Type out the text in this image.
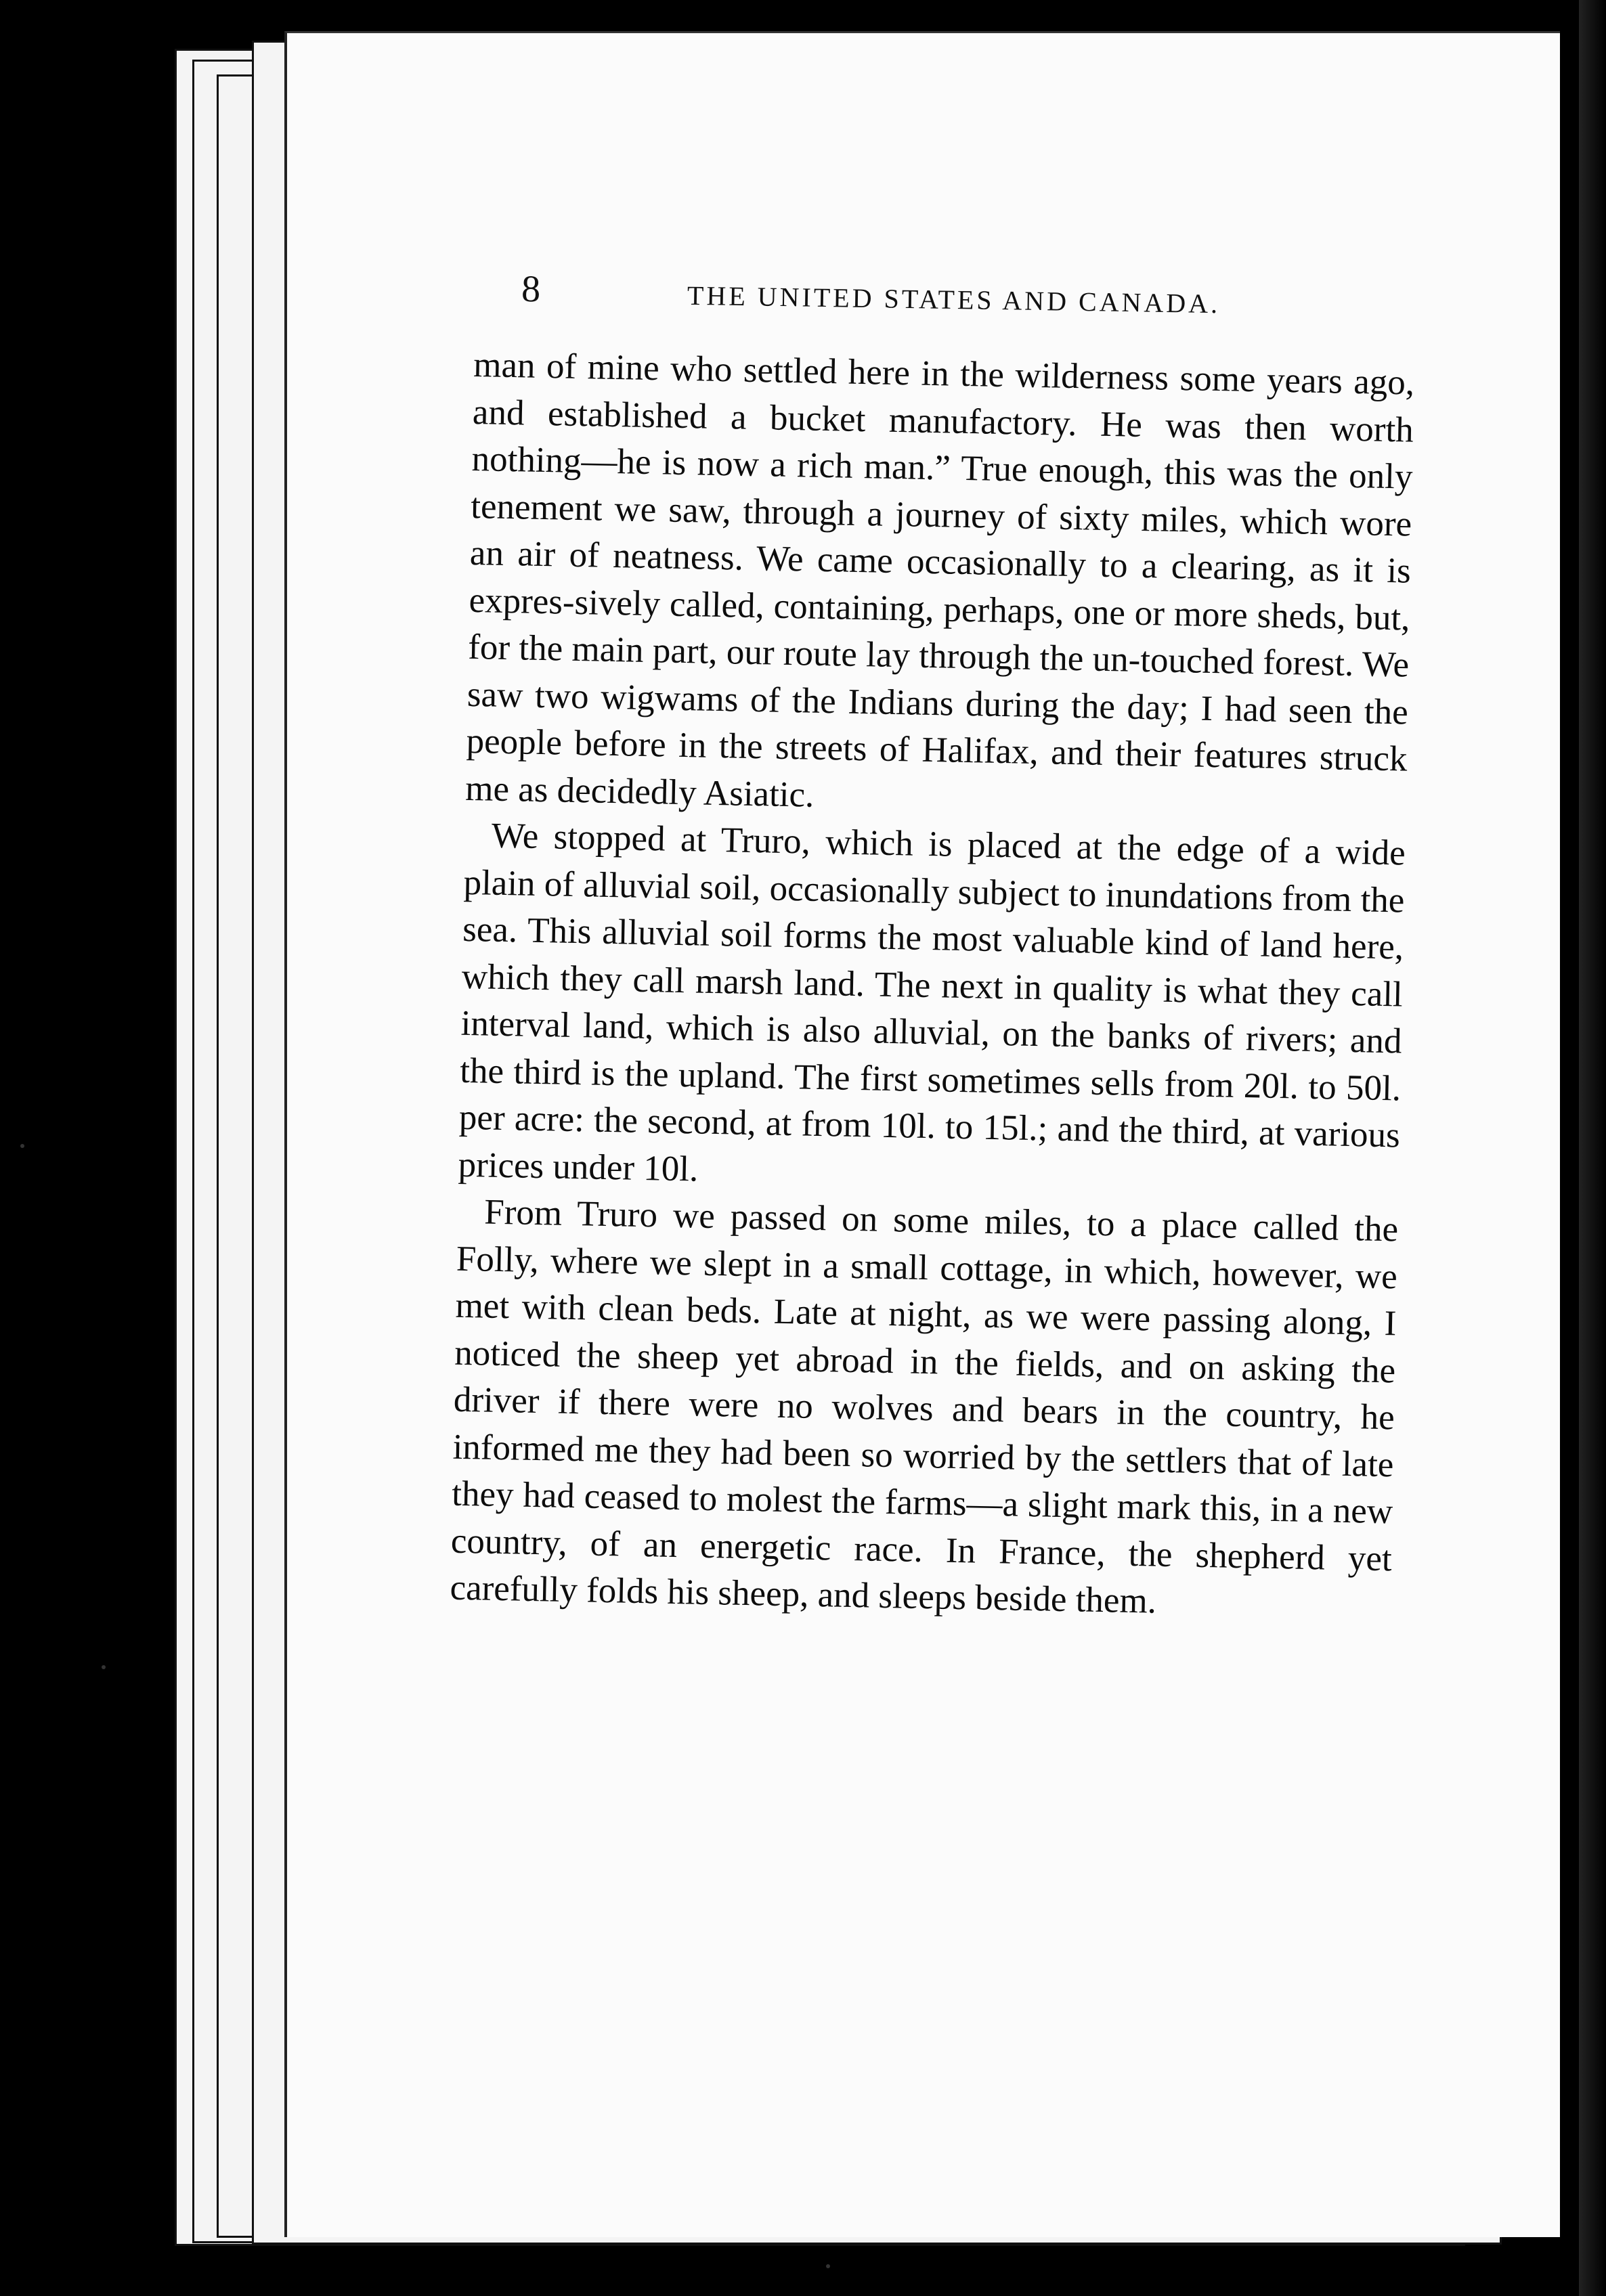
8	THE UNITED STATES AND CANADA.

man of mine who settled here in the wilderness some years ago, and established a bucket manufactory. He was then worth nothing—he is now a rich man.” True enough, this was the only tenement we saw, through a journey of sixty miles, which wore an air of neatness. We came occasionally to a clearing, as it is expres-sively called, containing, perhaps, one or more sheds, but, for the main part, our route lay through the un-touched forest. We saw two wigwams of the Indians during the day; I had seen the people before in the streets of Halifax, and their features struck me as decidedly Asiatic.

We stopped at Truro, which is placed at the edge of a wide plain of alluvial soil, occasionally subject to inundations from the sea. This alluvial soil forms the most valuable kind of land here, which they call marsh land. The next in quality is what they call interval land, which is also alluvial, on the banks of rivers; and the third is the upland. The first sometimes sells from 20l. to 50l. per acre: the second, at from 10l. to 15l.; and the third, at various prices under 10l.

From Truro we passed on some miles, to a place called the Folly, where we slept in a small cottage, in which, however, we met with clean beds. Late at night, as we were passing along, I noticed the sheep yet abroad in the fields, and on asking the driver if there were no wolves and bears in the country, he informed me they had been so worried by the settlers that of late they had ceased to molest the farms—a slight mark this, in a new country, of an energetic race. In France, the shepherd yet carefully folds his sheep, and sleeps beside them.
